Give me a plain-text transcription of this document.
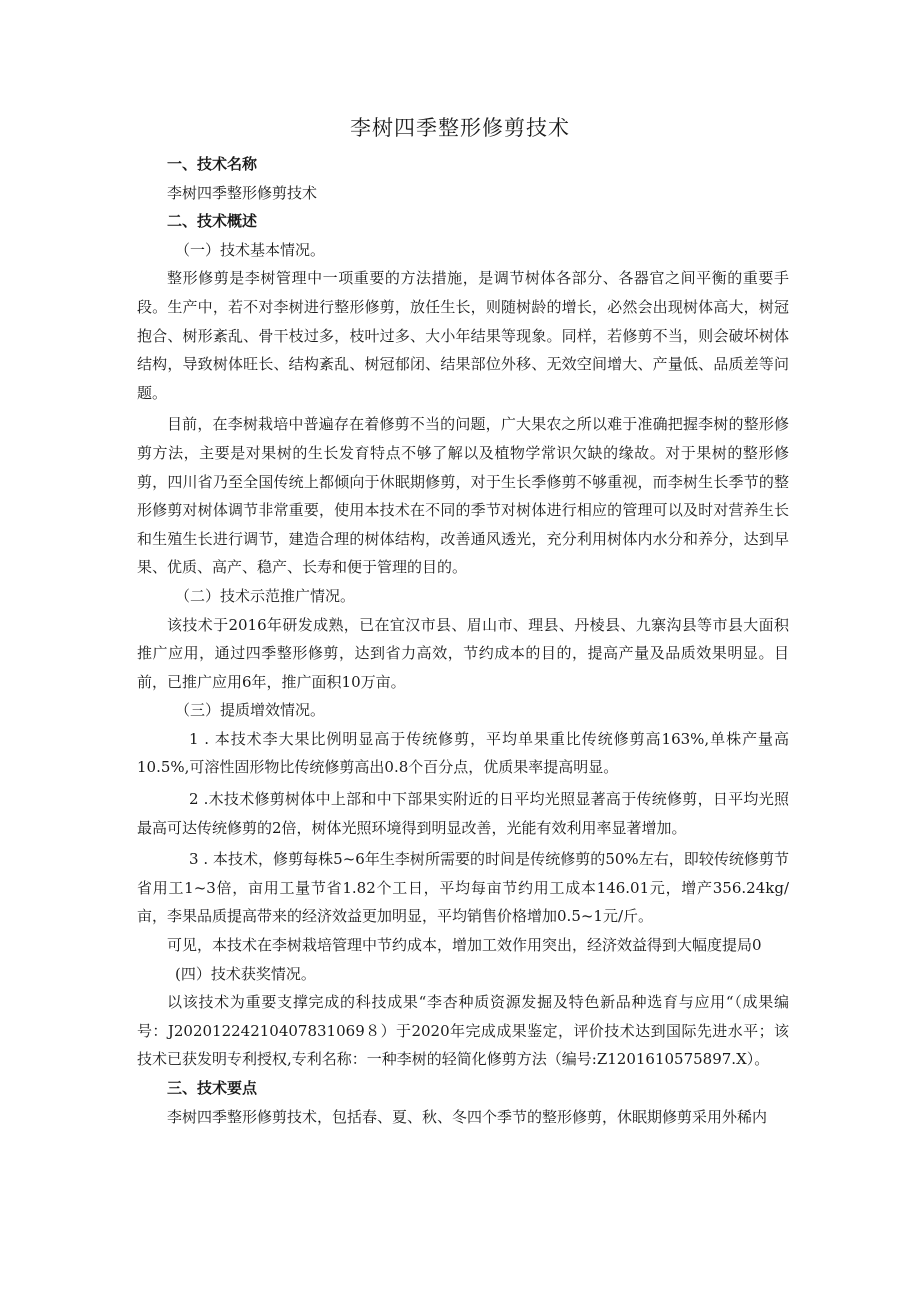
李树四季整形修剪技术

一、技术名称

李树四季整形修剪技术

二、技术概述

（一）技术基本情况。

整形修剪是李树管理中一项重要的方法措施，是调节树体各部分、各器官之间平衡的重要手段。生产中，若不对李树进行整形修剪，放任生长，则随树龄的增长，必然会出现树体高大，树冠抱合、树形紊乱、骨干枝过多，枝叶过多、大小年结果等现象。同样，若修剪不当，则会破坏树体结构，导致树体旺长、结构紊乱、树冠郁闭、结果部位外移、无效空间增大、产量低、品质差等问题。

目前，在李树栽培中普遍存在着修剪不当的问题，广大果农之所以难于准确把握李树的整形修剪方法，主要是对果树的生长发育特点不够了解以及植物学常识欠缺的缘故。对于果树的整形修剪，四川省乃至全国传统上都倾向于休眠期修剪，对于生长季修剪不够重视，而李树生长季节的整形修剪对树体调节非常重要，使用本技术在不同的季节对树体进行相应的管理可以及时对营养生长和生殖生长进行调节，建造合理的树体结构，改善通风透光，充分利用树体内水分和养分，达到早果、优质、高产、稳产、长寿和便于管理的目的。

（二）技术示范推广情况。

该技术于2016年研发成熟，已在宜汉市县、眉山市、理县、丹棱县、九寨沟县等市县大面积推广应用，通过四季整形修剪，达到省力高效，节约成本的目的，提高产量及品质效果明显。目前，已推广应用6年，推广面积10万亩。

（三）提质增效情况。

1 . 本技术李大果比例明显高于传统修剪，平均单果重比传统修剪高163%,单株产量高10.5%,可溶性固形物比传统修剪高出0.8个百分点，优质果率提高明显。

2 .木技术修剪树体中上部和中下部果实附近的日平均光照显著高于传统修剪，日平均光照最高可达传统修剪的2倍，树体光照环境得到明显改善，光能有效利用率显著增加。

3 . 本技术，修剪每株5~6年生李树所需要的时间是传统修剪的50%左右，即较传统修剪节省用工1~3倍，亩用工量节省1.82个工日，平均每亩节约用工成本146.01元，增产356.24kg/亩，李果品质提高带来的经济效益更加明显，平均销售价格增加0.5~1元/斤。

可见，本技术在李树栽培管理中节约成本，增加工效作用突出，经济效益得到大幅度提局0

(四）技术获奖情况。

以该技术为重要支撑完成的科技成果“李杏种质资源发掘及特色新品种选育与应用“（成果编号：J20201224210407831069８）于2020年完成成果鉴定，评价技术达到国际先进水平；该技术已获发明专利授权,专利名称：一种李树的轻简化修剪方法（编号:Z1201610575897.X）。

三、技术要点

李树四季整形修剪技术，包括春、夏、秋、冬四个季节的整形修剪，休眠期修剪采用外稀内
